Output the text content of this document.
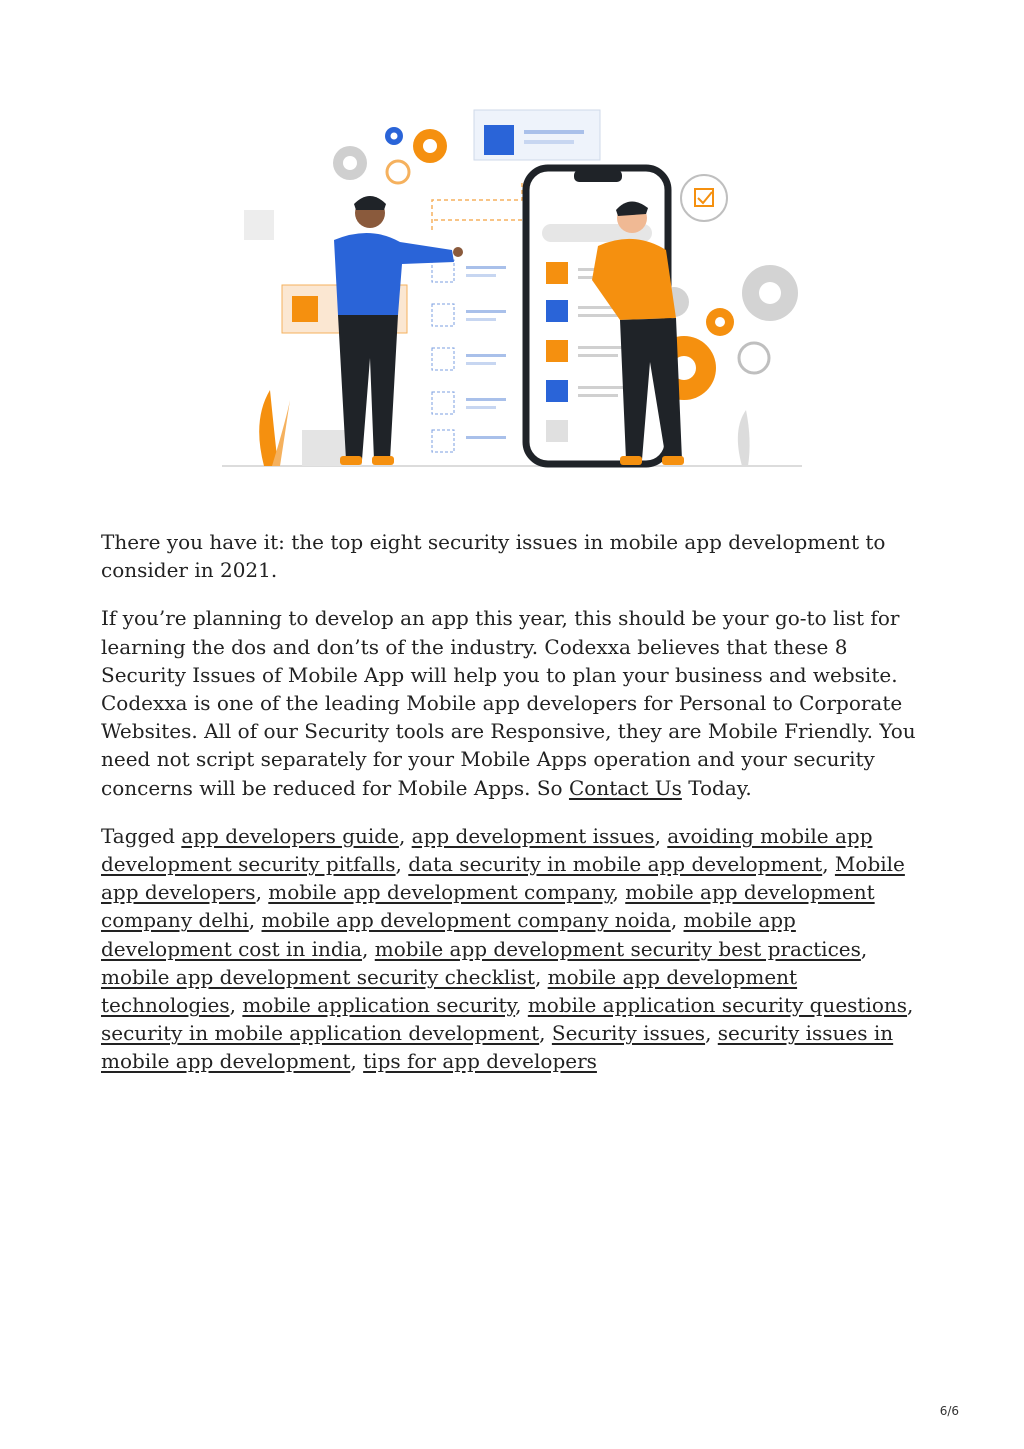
There you have it: the top eight security issues in mobile app development to consider in 2021.

If you’re planning to develop an app this year, this should be your go-to list for learning the dos and don’ts of the industry. Codexxa believes that these 8 Security Issues of Mobile App will help you to plan your business and website. Codexxa is one of the leading Mobile app developers for Personal to Corporate Websites. All of our Security tools are Responsive, they are Mobile Friendly. You need not script separately for your Mobile Apps operation and your security concerns will be reduced for Mobile Apps. So Contact Us Today.

Tagged app developers guide, app development issues, avoiding mobile app development security pitfalls, data security in mobile app development, Mobile app developers, mobile app development company, mobile app development company delhi, mobile app development company noida, mobile app development cost in india, mobile app development security best practices, mobile app development security checklist, mobile app development technologies, mobile application security, mobile application security questions, security in mobile application development, Security issues, security issues in mobile app development, tips for app developers

6/6
